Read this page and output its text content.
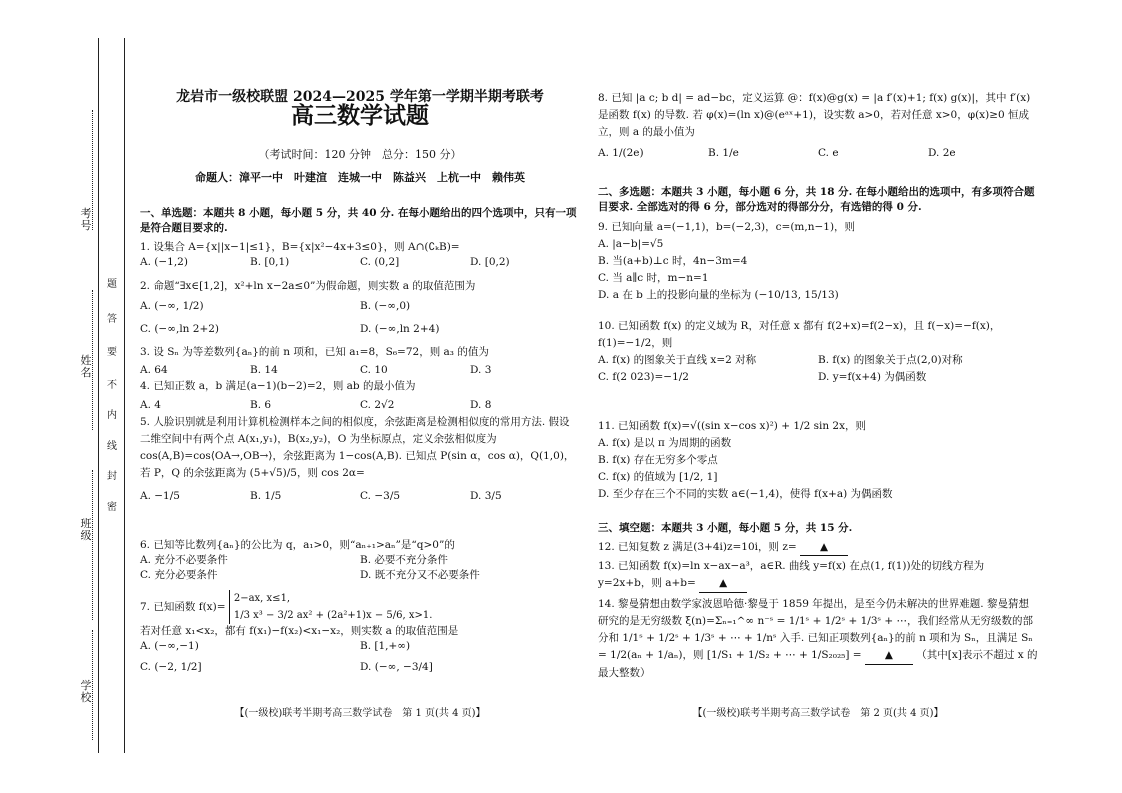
考号
姓名
班级
学校
题
答
要
不
内
线
封
密
龙岩市一级校联盟 2024—2025 学年第一学期半期考联考
高三数学试题
（考试时间：120 分钟　总分：150 分）
命题人：漳平一中　叶建渲　连城一中　陈益兴　上杭一中　赖伟英
一、单选题：本题共 8 小题，每小题 5 分，共 40 分. 在每小题给出的四个选项中，只有一项是符合题目要求的.
1. 设集合 A={x||x−1|≤1}，B={x|x²−4x+3≤0}，则 A∩(∁ₖB)=
A. (−1,2)	B. [0,1)	C. (0,2]	D. [0,2)
2. 命题“∃x∈[1,2]，x²+ln x−2a≤0”为假命题，则实数 a 的取值范围为
A. (−∞, 1/2)	B. (−∞,0)
C. (−∞,ln 2+2)	D. (−∞,ln 2+4)
3. 设 Sₙ 为等差数列{aₙ}的前 n 项和，已知 a₁=8，S₆=72，则 a₃ 的值为
A. 64	B. 14	C. 10	D. 3
4. 已知正数 a，b 满足(a−1)(b−2)=2，则 ab 的最小值为
A. 4	B. 6	C. 2√2	D. 8
5. 人脸识别就是利用计算机检测样本之间的相似度，余弦距离是检测相似度的常用方法. 假设二维空间中有两个点 A(x₁,y₁)，B(x₂,y₂)，O 为坐标原点，定义余弦相似度为 cos(A,B)=cos⟨OA→,OB→⟩，余弦距离为 1−cos(A,B). 已知点 P(sin α，cos α)，Q(1,0)，若 P，Q 的余弦距离为 (5+√5)/5，则 cos 2α=
A. −1/5	B. 1/5	C. −3/5	D. 3/5
6. 已知等比数列{aₙ}的公比为 q，a₁>0，则“aₙ₊₁>aₙ”是“q>0”的
A. 充分不必要条件	B. 必要不充分条件
C. 充分必要条件	D. 既不充分又不必要条件
7. 已知函数 f(x)=
2−ax, x≤1,
1/3 x³ − 3/2 ax² + (2a²+1)x − 5/6, x>1.
若对任意 x₁<x₂，都有 f(x₁)−f(x₂)<x₁−x₂，则实数 a 的取值范围是
A. (−∞,−1)	B. [1,+∞)
C. (−2, 1/2]	D. (−∞, −3/4]
【(一级校)联考半期考高三数学试卷　第 1 页(共 4 页)】
8. 已知 |a c; b d| = ad−bc，定义运算 @：f(x)@g(x) = |a f′(x)+1; f(x) g(x)|，其中 f′(x) 是函数 f(x) 的导数. 若 φ(x)=(ln x)@(eᵃˣ+1)，设实数 a>0，若对任意 x>0，φ(x)≥0 恒成立，则 a 的最小值为
A. 1/(2e)	B. 1/e	C. e	D. 2e
二、多选题：本题共 3 小题，每小题 6 分，共 18 分. 在每小题给出的选项中，有多项符合题目要求. 全部选对的得 6 分，部分选对的得部分分，有选错的得 0 分.
9. 已知向量 a=(−1,1)，b=(−2,3)，c=(m,n−1)，则
A. |a−b|=√5
B. 当(a+b)⊥c 时，4n−3m=4
C. 当 a∥c 时，m−n=1
D. a 在 b 上的投影向量的坐标为 (−10/13, 15/13)
10. 已知函数 f(x) 的定义域为 R，对任意 x 都有 f(2+x)=f(2−x)，且 f(−x)=−f(x)，f(1)=−1/2，则
A. f(x) 的图象关于直线 x=2 对称	B. f(x) 的图象关于点(2,0)对称
C. f(2 023)=−1/2	D. y=f(x+4) 为偶函数
11. 已知函数 f(x)=√((sin x−cos x)²) + 1/2 sin 2x，则
A. f(x) 是以 π 为周期的函数
B. f(x) 存在无穷多个零点
C. f(x) 的值域为 [1/2, 1]
D. 至少存在三个不同的实数 a∈(−1,4)，使得 f(x+a) 为偶函数
三、填空题：本题共 3 小题，每小题 5 分，共 15 分.
12. 已知复数 z 满足(3+4i)z=10i，则 z= ▲
13. 已知函数 f(x)=ln x−ax−a³，a∈R. 曲线 y=f(x) 在点(1, f(1))处的切线方程为 y=2x+b，则 a+b= ▲
14. 黎曼猜想由数学家波恩哈德·黎曼于 1859 年提出，是至今仍未解决的世界难题. 黎曼猜想研究的是无穷级数 ξ(n)=Σₙ₌₁^∞ n⁻ˢ = 1/1ˢ + 1/2ˢ + 1/3ˢ + ⋯，我们经常从无穷级数的部分和 1/1ˢ + 1/2ˢ + 1/3ˢ + ⋯ + 1/nˢ 入手. 已知正项数列{aₙ}的前 n 项和为 Sₙ，且满足 Sₙ = 1/2(aₙ + 1/aₙ)，则 [1/S₁ + 1/S₂ + ⋯ + 1/S₂₀₂₅] = ▲ （其中[x]表示不超过 x 的最大整数）
【(一级校)联考半期考高三数学试卷　第 2 页(共 4 页)】
